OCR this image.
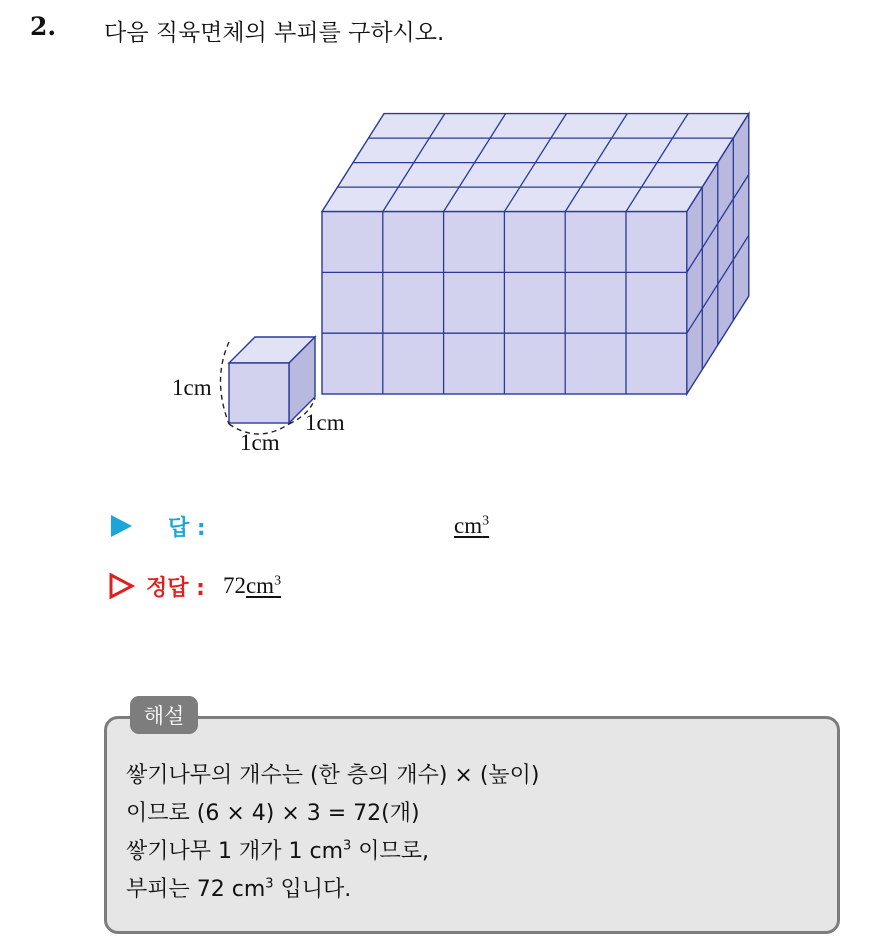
2. 다음 직육면체의 부피를 구하시오.
1cm
1cm
1cm
답 :	$cm^3$
정답 : 72 $cm^3$
해설
쌓기나무의 개수는 (한 층의 개수) × (높이)
이므로 (6 × 4) × 3 = 72(개)
쌓기나무 1 개가 1 $cm^3$ 이므로,
부피는 72 $cm^3$ 입니다.
